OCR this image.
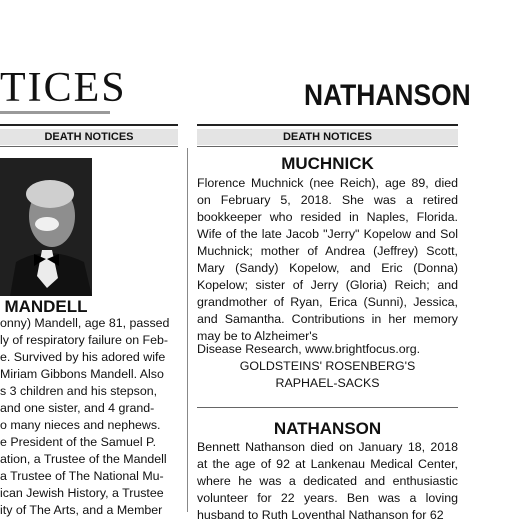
TICES
DEATH NOTICES
MANDELL
onny) Mandell, age 81, passed
ly of respiratory failure on Feb-
e. Survived by his adored wife
Miriam Gibbons Mandell. Also
s 3 children and his stepson,
and one sister, and 4 grand-
o many nieces and nephews.
e President of the Samuel P.
ation, a Trustee of the Mandell
a Trustee of The National Mu-
ican Jewish History, a Trustee
ity of The Arts, and a Member
NATHANSON
DEATH NOTICES
MUCHNICK
Florence Muchnick (nee Reich), age 89, died on February 5, 2018. She was a retired bookkeeper who resided in Naples, Florida. Wife of the late Jacob "Jerry" Kopelow and Sol Muchnick; mother of Andrea (Jeffrey) Scott, Mary (Sandy) Kopelow, and Eric (Donna) Kopelow; sister of Jerry (Gloria) Reich; and grandmother of Ryan, Erica (Sunni), Jessica, and Samantha. Contributions in her memory may be to Alzheimer's
Disease Research, www.brightfocus.org.
GOLDSTEINS' ROSENBERG'S
RAPHAEL-SACKS
NATHANSON
Bennett Nathanson died on January 18, 2018 at the age of 92 at Lankenau Medical Center, where he was a dedicated and enthusiastic volunteer for 22 years. Ben was a loving husband to Ruth Loventhal Nathanson for 62
